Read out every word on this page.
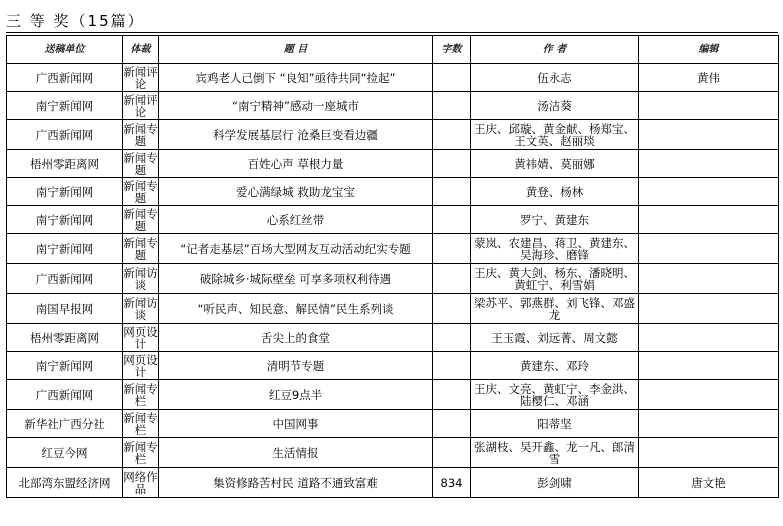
三 等 奖（15篇）
送稿单位	体裁	题 目	字数	作 者	编辑
广西新闻网	新闻评论	宾鸡老人己倒下 “良知”亟待共同“捡起”		伍永志	黄伟
南宁新闻网	新闻评论	“南宁精神”感动一座城市		汤洁葵	
广西新闻网	新闻专题	科学发展基层行 沧桑巨变看边疆		王庆、邱璇、黄金献、杨郑宝、王文英、赵丽琰	
梧州零距离网	新闻专题	百姓心声 草根力量		黄祎婧、莫丽娜	
南宁新闻网	新闻专题	爱心满绿城 救助龙宝宝		黄登、杨林	
南宁新闻网	新闻专题	心系红丝带		罗宁、黄建东	
南宁新闻网	新闻专题	“记者走基层”百场大型网友互动活动纪实专题		蒙岚、农建昌、蒋卫、黄建东、吴海珍、磨锋	
广西新闻网	新闻访谈	破除城乡·城际壁垒 可享多项权利待遇		王庆、黄大剑、杨东、潘晓明、黄虹宁、利雪娟	
南国早报网	新闻访谈	“听民声、知民意、解民情”民生系列谈		梁苏平、郭燕群、刘飞锋、邓盛龙	
梧州零距离网	网页设计	舌尖上的食堂		王玉霞、刘远菁、周文懿	
南宁新闻网	网页设计	清明节专题		黄建东、邓玲	
广西新闻网	新闻专栏	红豆9点半		王庆、文亮、黄虹宁、李金洪、陆樱仁、邓涵	
新华社广西分社	新闻专栏	中国网事		阳蒂坚	
红豆今网	新闻专栏	生活情报		张湖枝、吴开鑫、龙一凡、郎清雪	
北部湾东盟经济网	网络作品	集资修路苦村民 道路不通致富难	834	彭剑啸	唐文艳
